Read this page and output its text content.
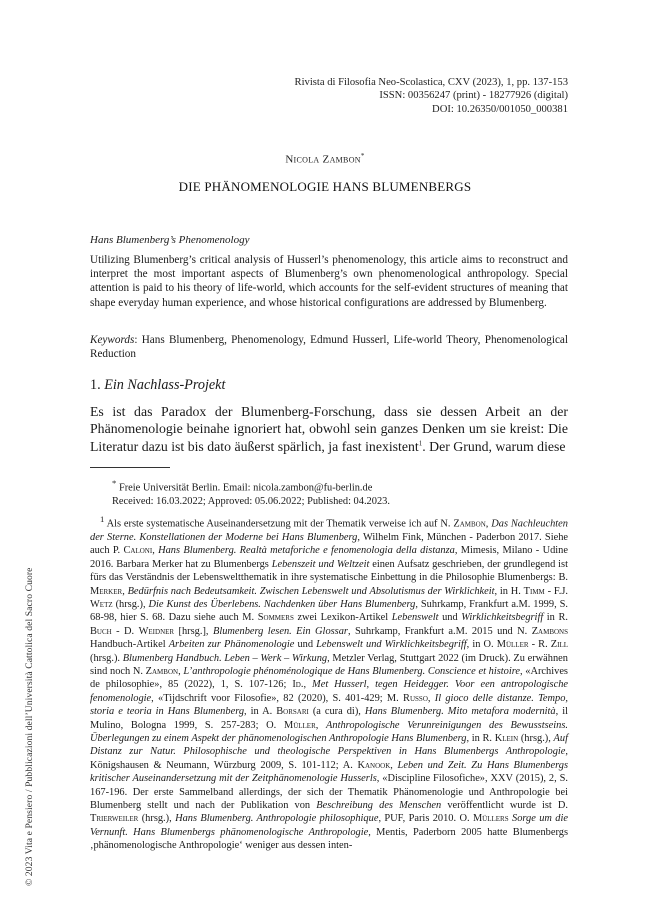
Rivista di Filosofia Neo-Scolastica, CXV (2023), 1, pp. 137-153
ISSN: 00356247 (print) - 18277926 (digital)
DOI: 10.26350/001050_000381
Nicola Zambon*
DIE PHÄNOMENOLOGIE HANS BLUMENBERGS
Hans Blumenberg’s Phenomenology
Utilizing Blumenberg’s critical analysis of Husserl’s phenomenology, this article aims to reconstruct and interpret the most important aspects of Blumenberg’s own phenomenological anthropology. Special attention is paid to his theory of life-world, which accounts for the self-evident structures of meaning that shape everyday human experience, and whose historical configurations are addressed by Blumenberg.
Keywords: Hans Blumenberg, Phenomenology, Edmund Husserl, Life-world Theory, Phenomenological Reduction
1. Ein Nachlass-Projekt
Es ist das Paradox der Blumenberg-Forschung, dass sie dessen Arbeit an der Phänomenologie beinahe ignoriert hat, obwohl sein ganzes Denken um sie kreist: Die Literatur dazu ist bis dato äußerst spärlich, ja fast inexistent$^1$. Der Grund, warum diese
* Freie Universität Berlin. Email: nicola.zambon@fu-berlin.de
Received: 16.03.2022; Approved: 05.06.2022; Published: 04.2023.
$^1$ Als erste systematische Auseinandersetzung mit der Thematik verweise ich auf N. Zambon, Das Nachleuchten der Sterne. Konstellationen der Moderne bei Hans Blumenberg, Wilhelm Fink, München - Paderbon 2017. Siehe auch P. Caloni, Hans Blumenberg. Realtà metaforiche e fenomenologia della distanza, Mimesis, Milano - Udine 2016. Barbara Merker hat zu Blumenbergs Lebenszeit und Weltzeit einen Aufsatz geschrieben, der grundlegend ist fürs das Verständnis der Lebensweltthematik in ihre systematische Einbettung in die Philosophie Blumenbergs: B. Merker, Bedürfnis nach Bedeutsamkeit. Zwischen Lebenswelt und Absolutismus der Wirklichkeit, in H. Timm - F.J. Wetz (hrsg.), Die Kunst des Überlebens. Nachdenken über Hans Blumenberg, Suhrkamp, Frankfurt a.M. 1999, S. 68-98, hier S. 68. Dazu siehe auch M. Sommers zwei Lexikon-Artikel Lebenswelt und Wirklichkeitsbegriff in R. Buch - D. Weidner [hrsg.], Blumenberg lesen. Ein Glossar, Suhrkamp, Frankfurt a.M. 2015 und N. Zambons Handbuch-Artikel Arbeiten zur Phänomenologie und Lebenswelt und Wirklichkeitsbegriff, in O. Müller - R. Zill (hrsg.). Blumenberg Handbuch. Leben – Werk – Wirkung, Metzler Verlag, Stuttgart 2022 (im Druck). Zu erwähnen sind noch N. Zambon, L’anthropologie phénoménologique de Hans Blumenberg. Conscience et histoire, «Archives de philosophie», 85 (2022), 1, S. 107-126; Id., Met Husserl, tegen Heidegger. Voor een antropologische fenomenologie, «Tijdschrift voor Filosofie», 82 (2020), S. 401-429; M. Russo, Il gioco delle distanze. Tempo, storia e teoria in Hans Blumenberg, in A. Borsari (a cura di), Hans Blumenberg. Mito metafora modernità, il Mulino, Bologna 1999, S. 257-283; O. Müller, Anthropologische Verunreinigungen des Bewusstseins. Überlegungen zu einem Aspekt der phänomenologischen Anthropologie Hans Blumenberg, in R. Klein (hrsg.), Auf Distanz zur Natur. Philosophische und theologische Perspektiven in Hans Blumenbergs Anthropologie, Königshausen & Neumann, Würzburg 2009, S. 101-112; A. Kanook, Leben und Zeit. Zu Hans Blumenbergs kritischer Auseinandersetzung mit der Zeitphänomenologie Husserls, «Discipline Filosofiche», XXV (2015), 2, S. 167-196. Der erste Sammelband allerdings, der sich der Thematik Phänomenologie und Anthropologie bei Blumenberg stellt und nach der Publikation von Beschreibung des Menschen veröffentlicht wurde ist D. Trierweiler (hrsg.), Hans Blumenberg. Anthropologie philosophique, PUF, Paris 2010. O. Müllers Sorge um die Vernunft. Hans Blumenbergs phänomenologische Anthropologie, Mentis, Paderborn 2005 hatte Blumenbergs ‚phänomenologische Anthropologie‘ weniger aus dessen inten-
© 2023 Vita e Pensiero / Pubblicazioni dell’Università Cattolica del Sacro Cuore
